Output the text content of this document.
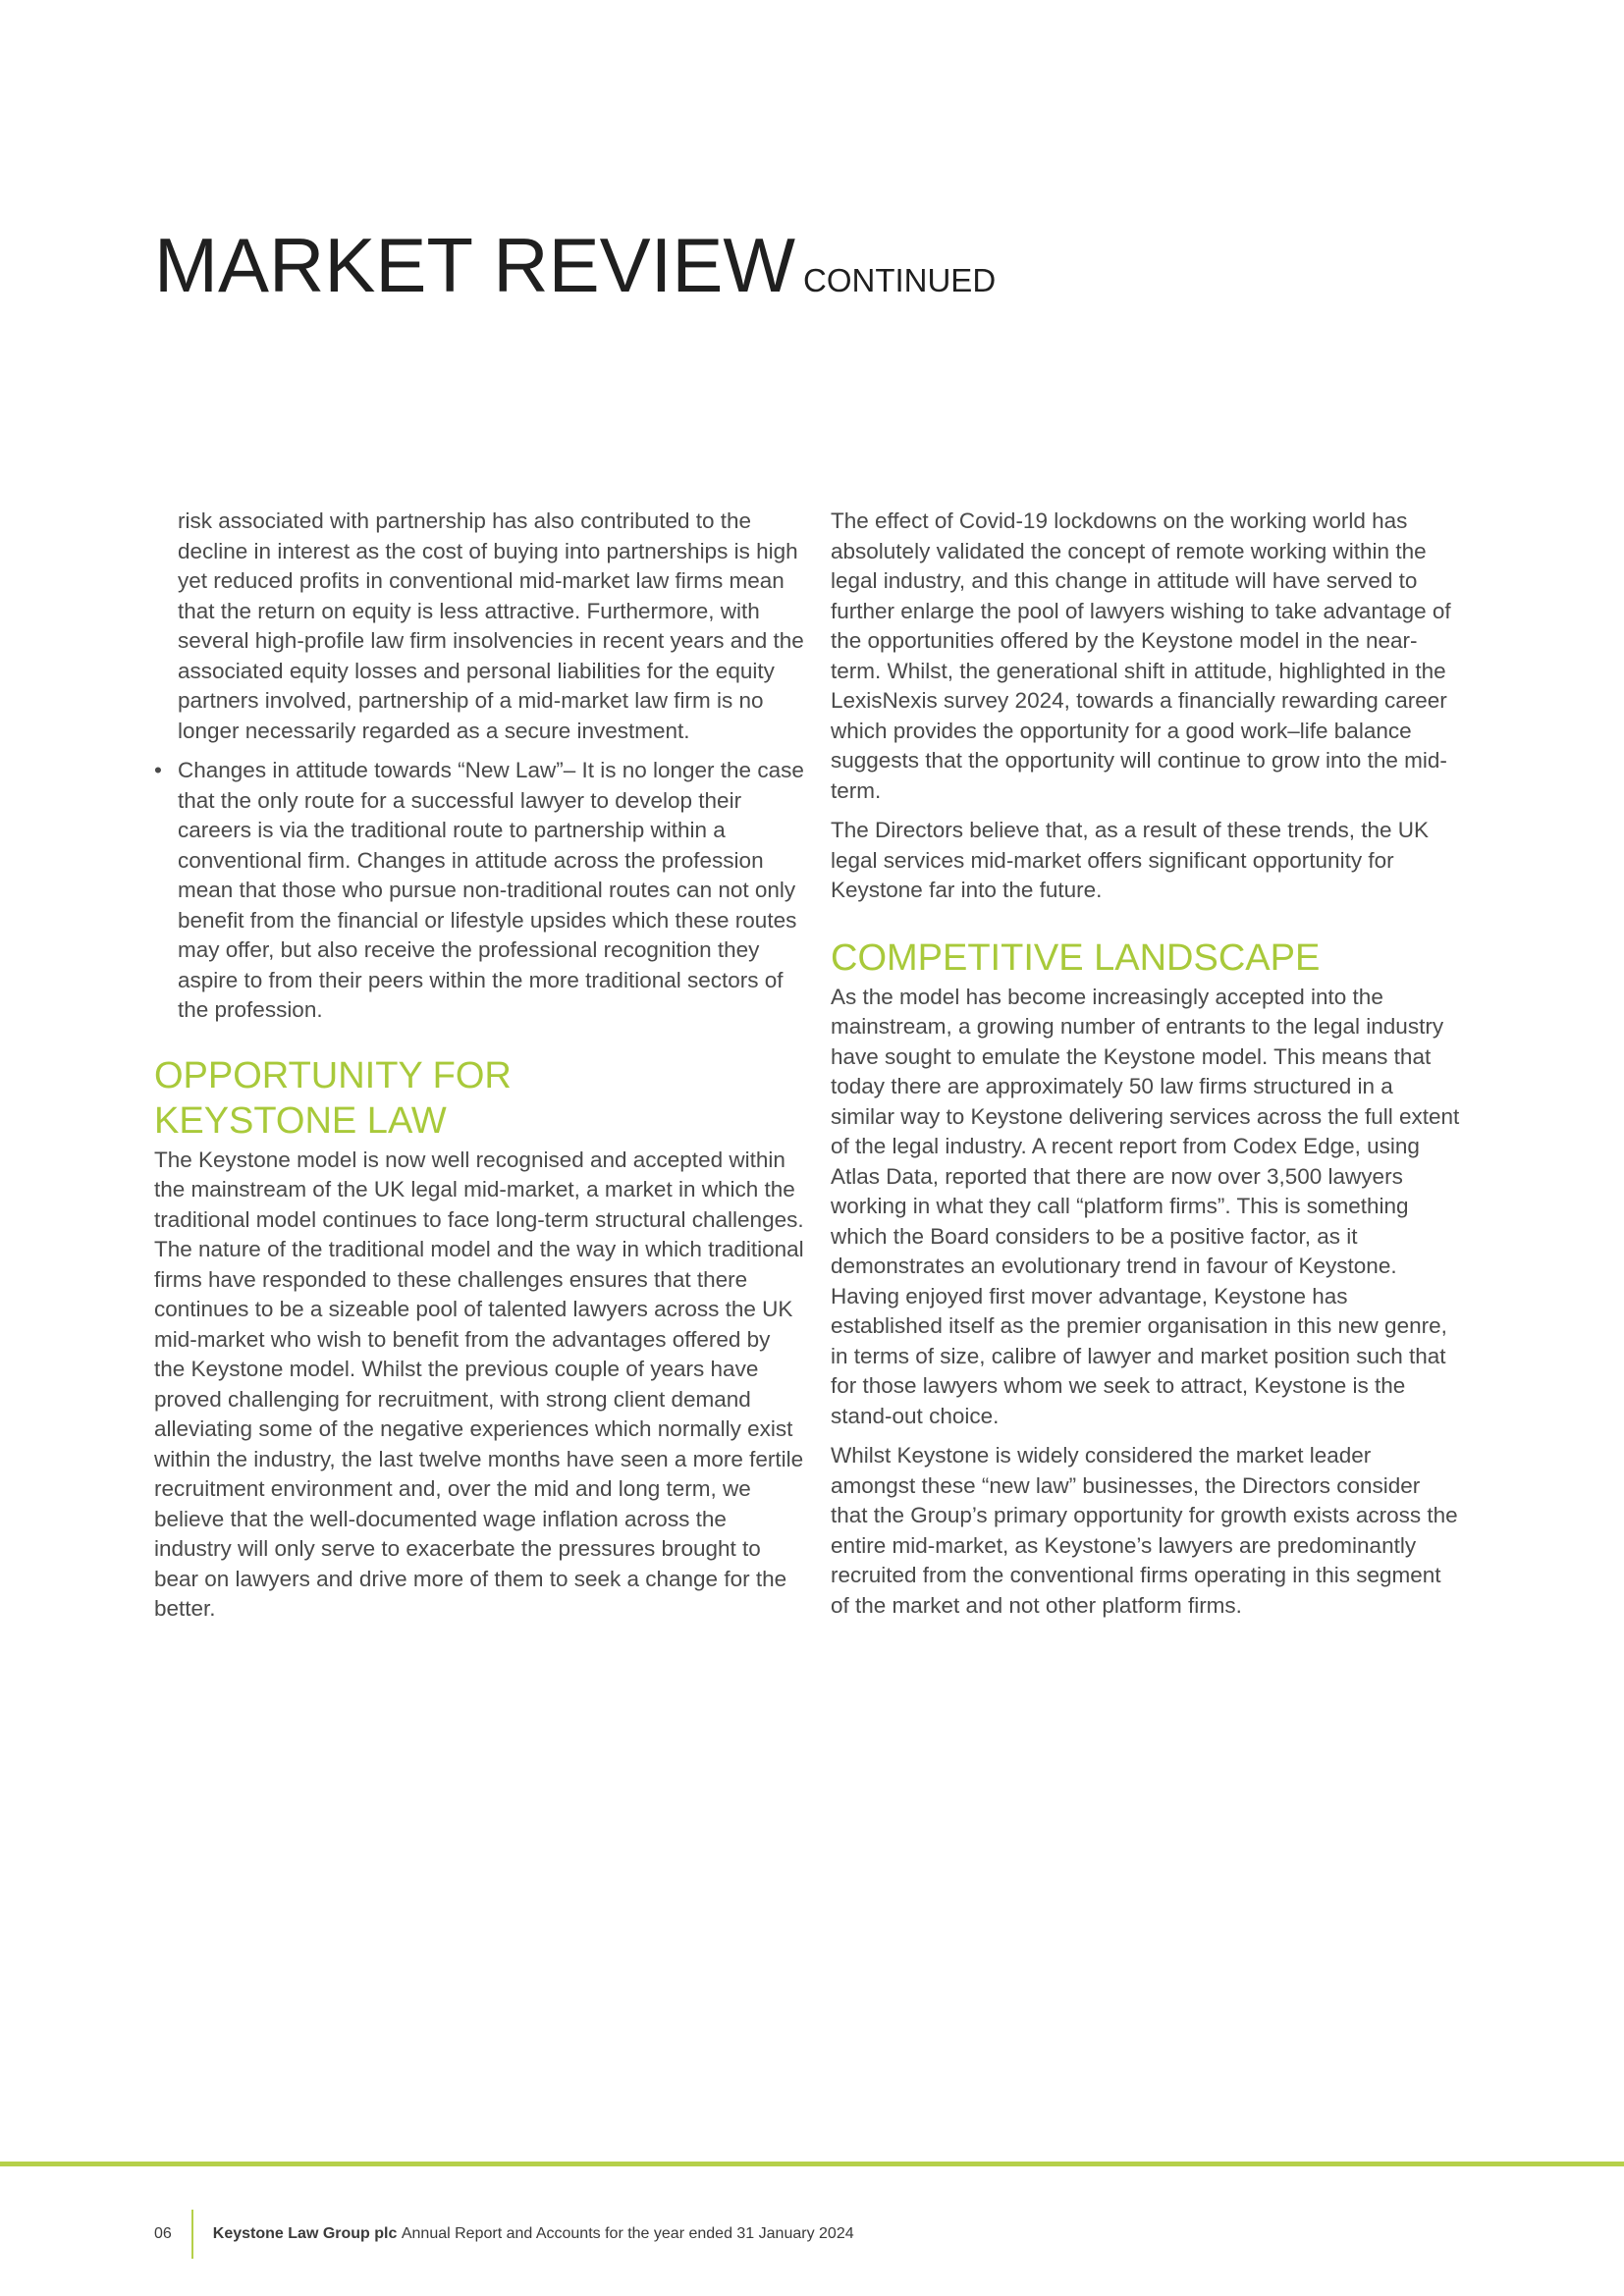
MARKET REVIEW CONTINUED

risk associated with partnership has also contributed to the decline in interest as the cost of buying into partnerships is high yet reduced profits in conventional mid-market law firms mean that the return on equity is less attractive. Furthermore, with several high-profile law firm insolvencies in recent years and the associated equity losses and personal liabilities for the equity partners involved, partnership of a mid-market law firm is no longer necessarily regarded as a secure investment.

• Changes in attitude towards “New Law”– It is no longer the case that the only route for a successful lawyer to develop their careers is via the traditional route to partnership within a conventional firm. Changes in attitude across the profession mean that those who pursue non-traditional routes can not only benefit from the financial or lifestyle upsides which these routes may offer, but also receive the professional recognition they aspire to from their peers within the more traditional sectors of the profession.
OPPORTUNITY FOR
KEYSTONE LAW

The Keystone model is now well recognised and accepted within the mainstream of the UK legal mid-market, a market in which the traditional model continues to face long-term structural challenges. The nature of the traditional model and the way in which traditional firms have responded to these challenges ensures that there continues to be a sizeable pool of talented lawyers across the UK mid-market who wish to benefit from the advantages offered by the Keystone model. Whilst the previous couple of years have proved challenging for recruitment, with strong client demand alleviating some of the negative experiences which normally exist within the industry, the last twelve months have seen a more fertile recruitment environment and, over the mid and long term, we believe that the well-documented wage inflation across the industry will only serve to exacerbate the pressures brought to bear on lawyers and drive more of them to seek a change for the better.

The effect of Covid-19 lockdowns on the working world has absolutely validated the concept of remote working within the legal industry, and this change in attitude will have served to further enlarge the pool of lawyers wishing to take advantage of the opportunities offered by the Keystone model in the near-term. Whilst, the generational shift in attitude, highlighted in the LexisNexis survey 2024, towards a financially rewarding career which provides the opportunity for a good work–life balance suggests that the opportunity will continue to grow into the mid-term.

The Directors believe that, as a result of these trends, the UK legal services mid-market offers significant opportunity for Keystone far into the future.

COMPETITIVE LANDSCAPE

As the model has become increasingly accepted into the mainstream, a growing number of entrants to the legal industry have sought to emulate the Keystone model. This means that today there are approximately 50 law firms structured in a similar way to Keystone delivering services across the full extent of the legal industry. A recent report from Codex Edge, using Atlas Data, reported that there are now over 3,500 lawyers working in what they call “platform firms”. This is something which the Board considers to be a positive factor, as it demonstrates an evolutionary trend in favour of Keystone. Having enjoyed first mover advantage, Keystone has established itself as the premier organisation in this new genre, in terms of size, calibre of lawyer and market position such that for those lawyers whom we seek to attract, Keystone is the stand-out choice.

Whilst Keystone is widely considered the market leader amongst these “new law” businesses, the Directors consider that the Group’s primary opportunity for growth exists across the entire mid-market, as Keystone’s lawyers are predominantly recruited from the conventional firms operating in this segment of the market and not other platform firms.

06	Keystone Law Group plc
Annual Report and Accounts for the year ended 31 January 2024
